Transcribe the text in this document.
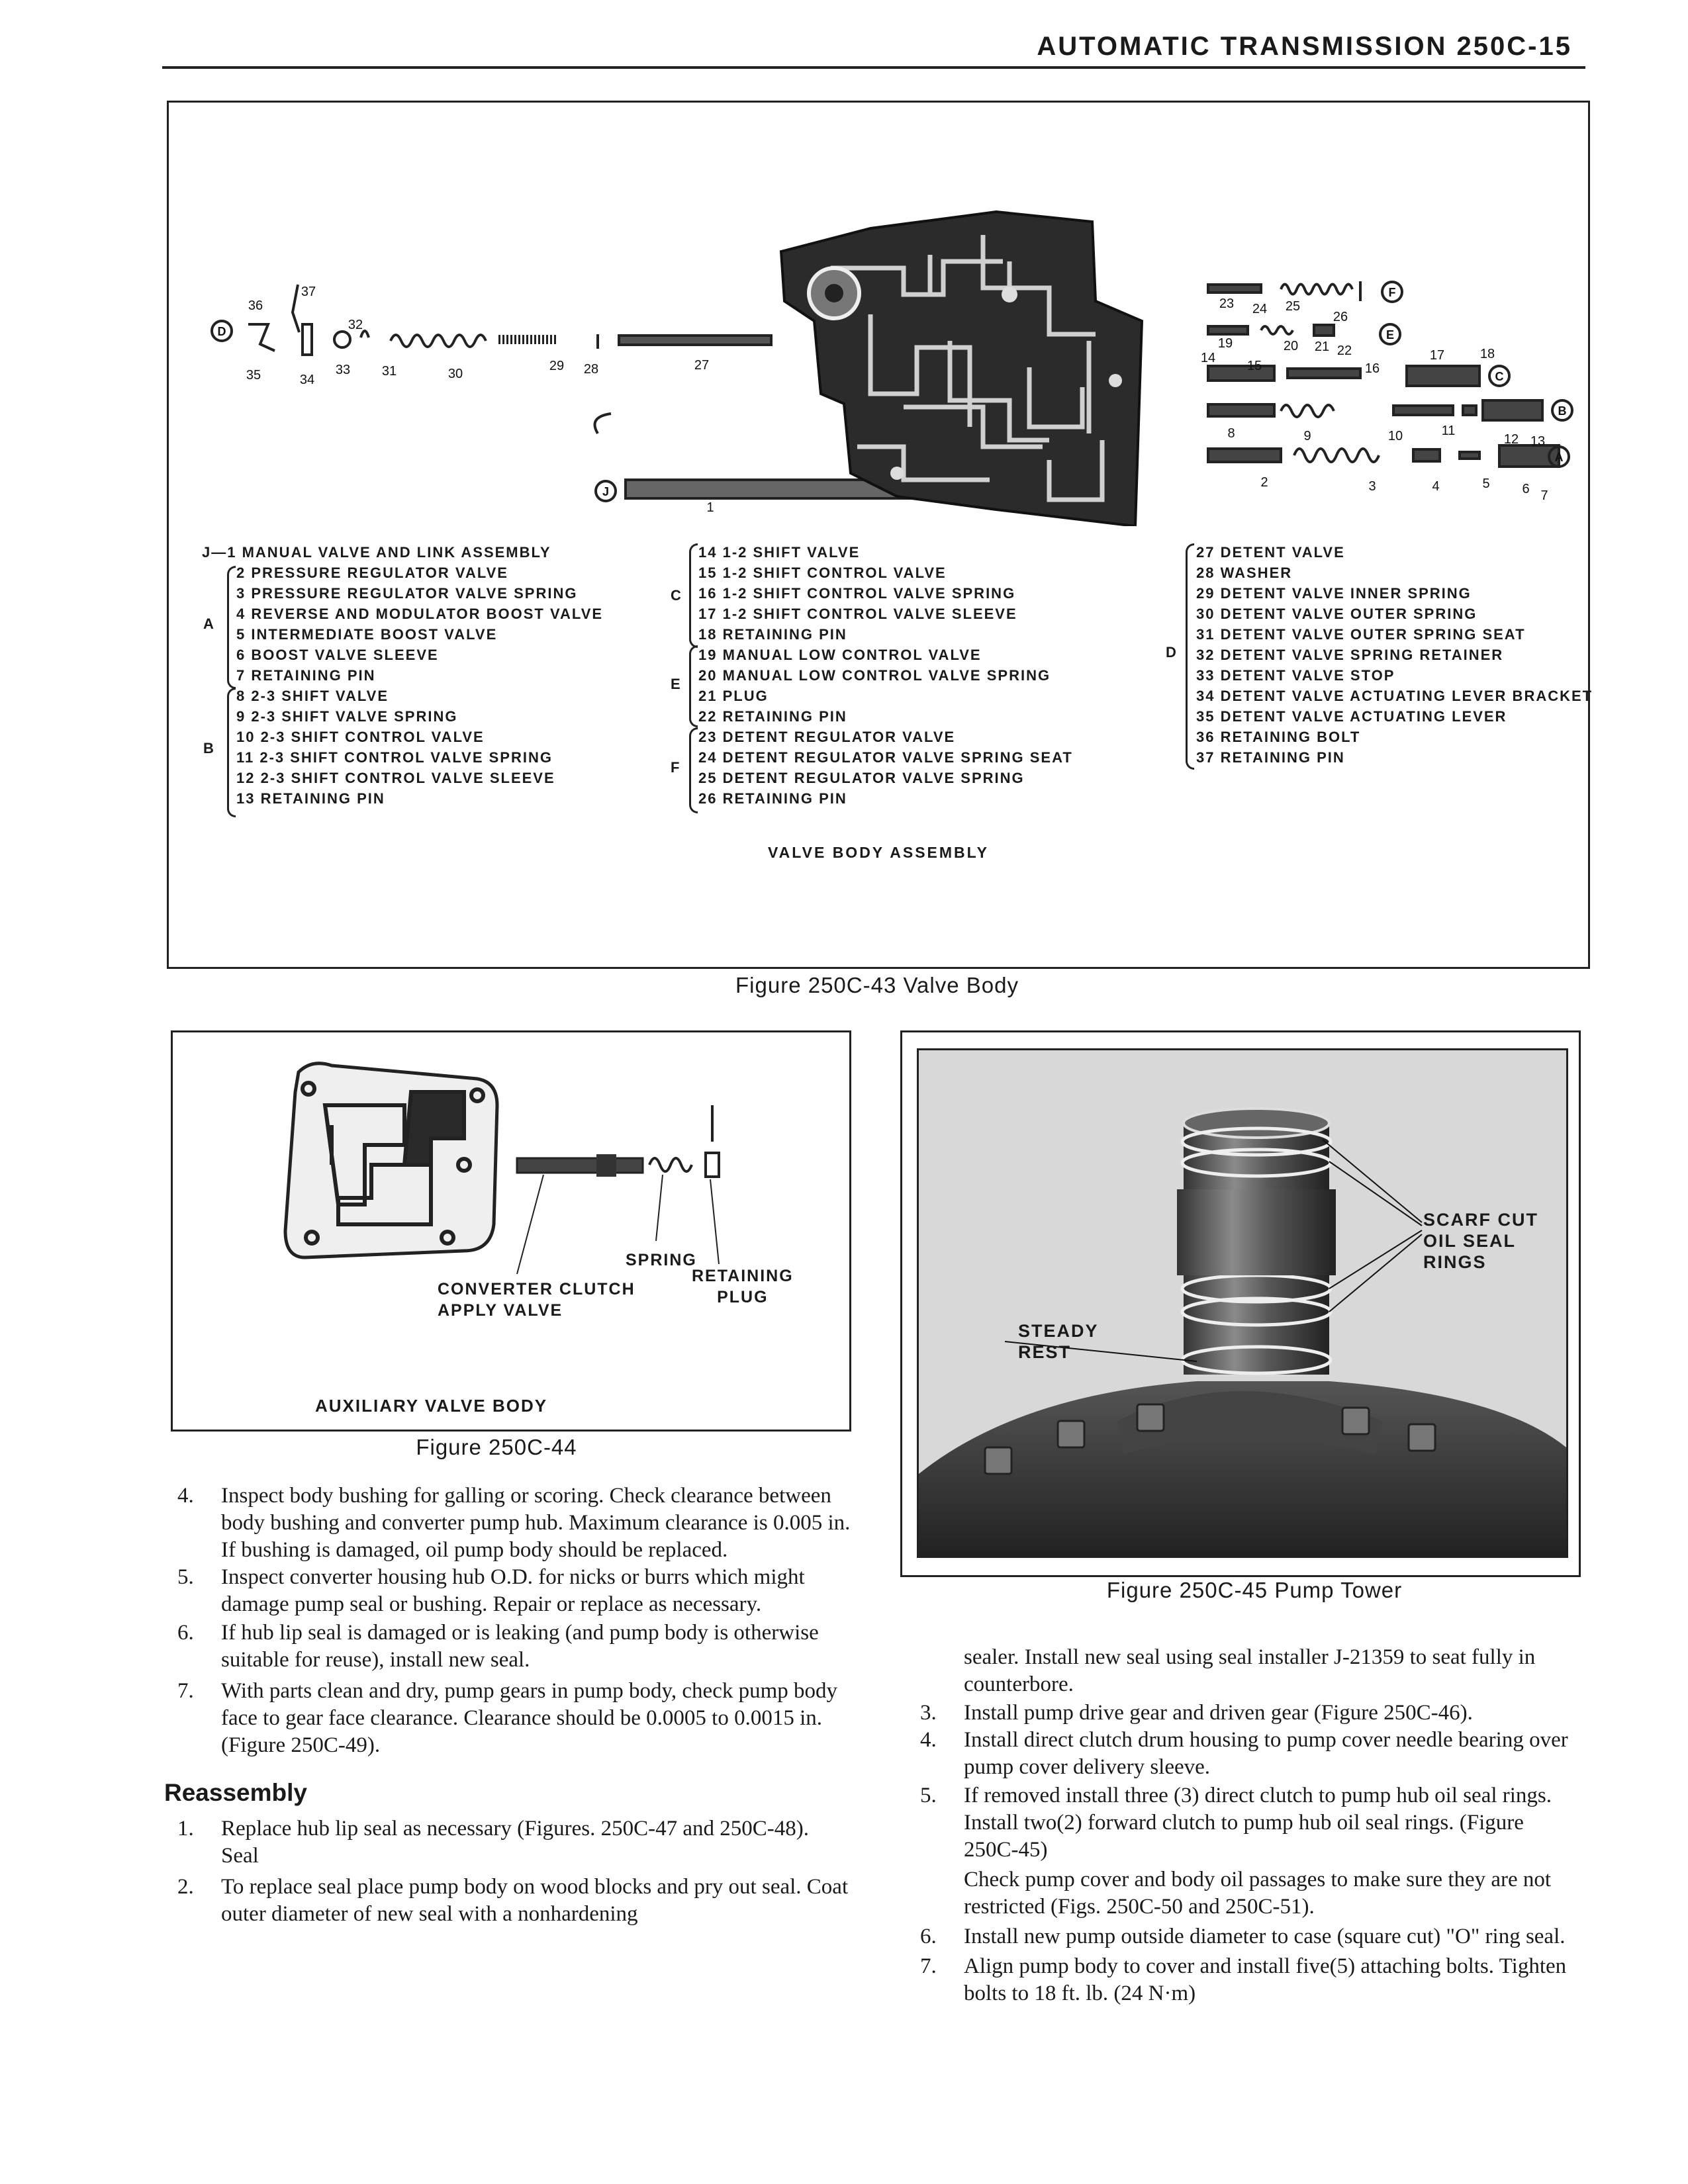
AUTOMATIC TRANSMISSION 250C-15
37
36
32
35	34
33 31	30
29 28	27
1
23 24 25
26
19	20 21 22
14
15	16
17	18
8	9	10	11
12 13
2	3	4	5 6 7
D
J
F
E
C
B
A
J—1 MANUAL VALVE AND LINK ASSEMBLY
2 PRESSURE REGULATOR VALVE
3 PRESSURE REGULATOR VALVE SPRING
4 REVERSE AND MODULATOR BOOST VALVE
5 INTERMEDIATE BOOST VALVE
6 BOOST VALVE SLEEVE
7 RETAINING PIN
8 2-3 SHIFT VALVE
9 2-3 SHIFT VALVE SPRING
10 2-3 SHIFT CONTROL VALVE
11 2-3 SHIFT CONTROL VALVE SPRING
12 2-3 SHIFT CONTROL VALVE SLEEVE
13 RETAINING PIN
A
B
14 1-2 SHIFT VALVE
15 1-2 SHIFT CONTROL VALVE
16 1-2 SHIFT CONTROL VALVE SPRING
17 1-2 SHIFT CONTROL VALVE SLEEVE
18 RETAINING PIN
19 MANUAL LOW CONTROL VALVE
20 MANUAL LOW CONTROL VALVE SPRING
21 PLUG
22 RETAINING PIN
23 DETENT REGULATOR VALVE
24 DETENT REGULATOR VALVE SPRING SEAT
25 DETENT REGULATOR VALVE SPRING
26 RETAINING PIN
C
E
F
27 DETENT VALVE
28 WASHER
29 DETENT VALVE INNER SPRING
30 DETENT VALVE OUTER SPRING
31 DETENT VALVE OUTER SPRING SEAT
32 DETENT VALVE SPRING RETAINER
33 DETENT VALVE STOP
34 DETENT VALVE ACTUATING LEVER BRACKET
35 DETENT VALVE ACTUATING LEVER
36 RETAINING BOLT
37 RETAINING PIN
D
VALVE BODY ASSEMBLY
Figure 250C-43 Valve Body
SPRING
CONVERTER CLUTCH
APPLY VALVE
RETAINING
PLUG
AUXILIARY VALVE BODY
Figure 250C-44
SCARF CUT
OIL SEAL
RINGS
STEADY
REST
Figure 250C-45 Pump Tower
4. Inspect body bushing for galling or scoring. Check clearance between body bushing and converter pump hub. Maximum clearance is 0.005 in. If bushing is damaged, oil pump body should be replaced.
5. Inspect converter housing hub O.D. for nicks or burrs which might damage pump seal or bushing. Repair or replace as necessary.
6. If hub lip seal is damaged or is leaking (and pump body is otherwise suitable for reuse), install new seal.
7. With parts clean and dry, pump gears in pump body, check pump body face to gear face clearance. Clearance should be 0.0005 to 0.0015 in. (Figure 250C-49).
Reassembly
1. Replace hub lip seal as necessary (Figures. 250C-47 and 250C-48).
Seal
2. To replace seal place pump body on wood blocks and pry out seal. Coat outer diameter of new seal with a nonhardening
sealer. Install new seal using seal installer J-21359 to seat fully in counterbore.
3. Install pump drive gear and driven gear (Figure 250C-46).
4. Install direct clutch drum housing to pump cover needle bearing over pump cover delivery sleeve.
5. If removed install three (3) direct clutch to pump hub oil seal rings. Install two(2) forward clutch to pump hub oil seal rings. (Figure 250C-45)
Check pump cover and body oil passages to make sure they are not restricted (Figs. 250C-50 and 250C-51).
6. Install new pump outside diameter to case (square cut) "O" ring seal.
7. Align pump body to cover and install five(5) attaching bolts. Tighten bolts to 18 ft. lb. (24 N·m)
